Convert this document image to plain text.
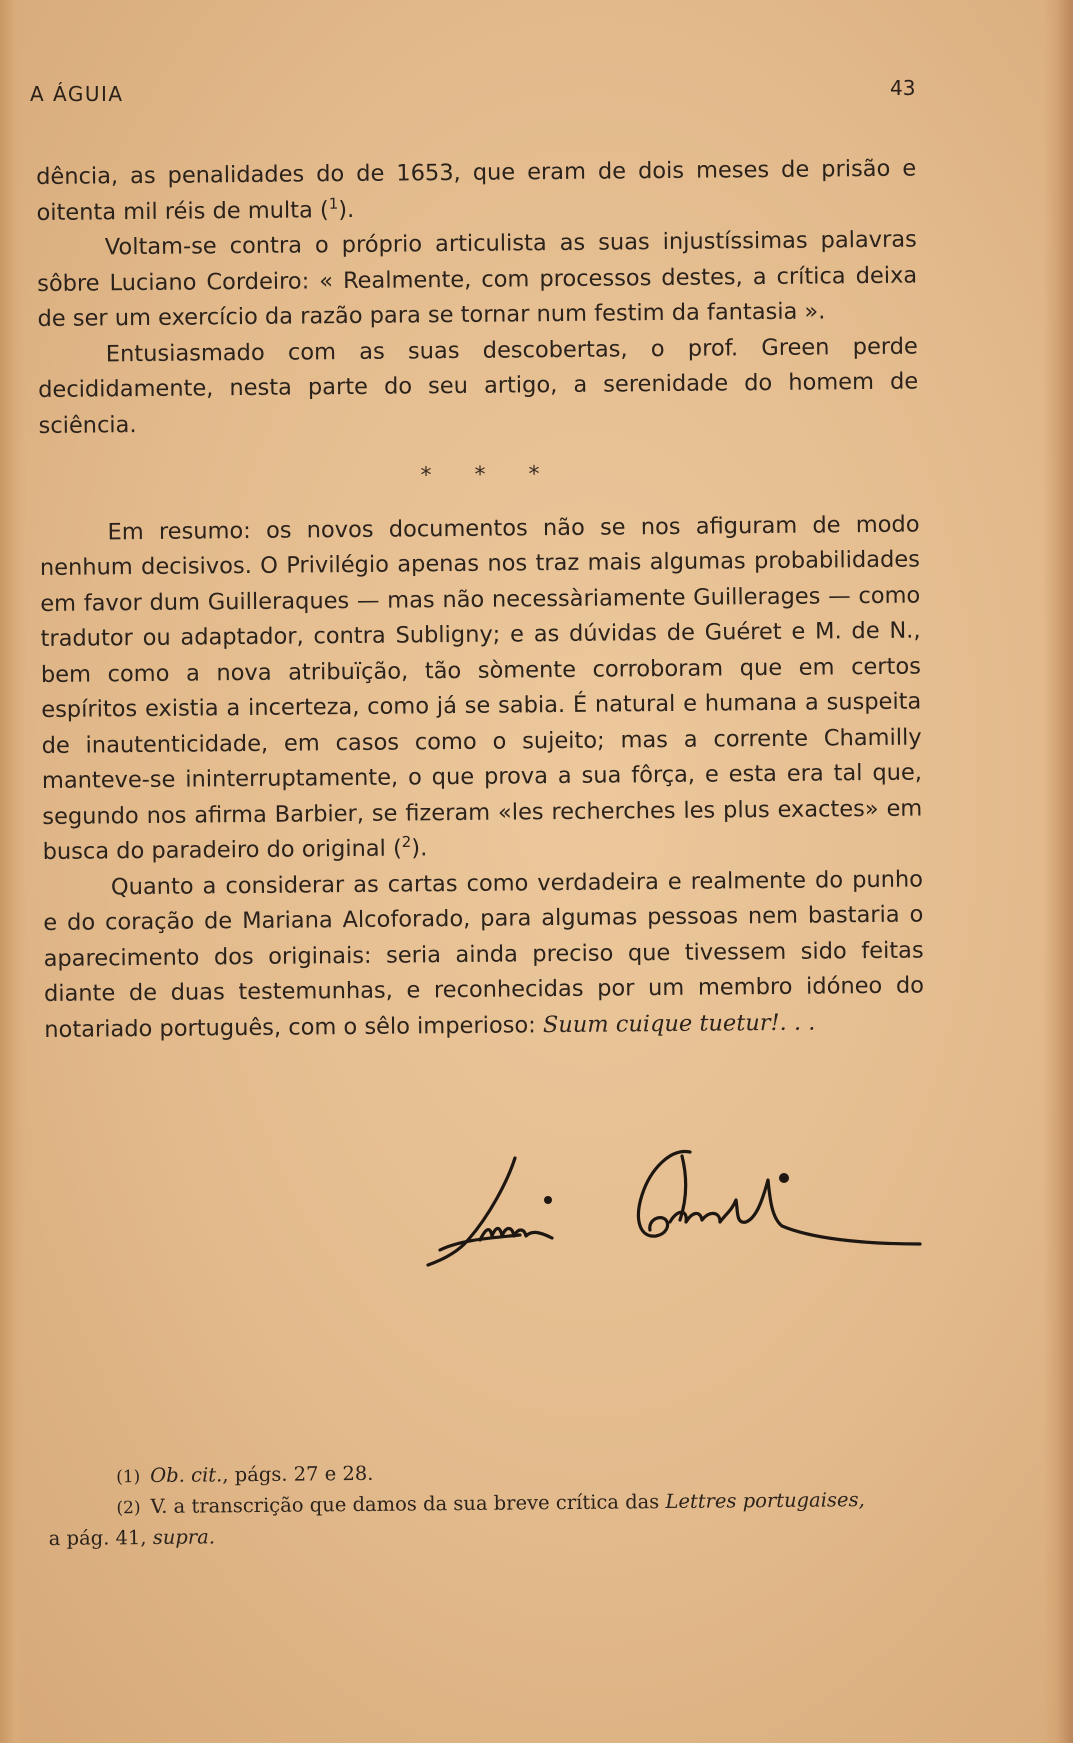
A ÁGUIA	43

dência, as penalidades do de 1653, que eram de dois meses de prisão e oitenta mil réis de multa ($^1$).

Voltam-se contra o próprio articulista as suas injustíssimas palavras sôbre Luciano Cordeiro: « Realmente, com processos destes, a crítica deixa de ser um exercício da razão para se tornar num festim da fantasia ».

Entusiasmado com as suas descobertas, o prof. Green perde decididamente, nesta parte do seu artigo, a serenidade do homem de sciência.

* * *

Em resumo: os novos documentos não se nos afiguram de modo nenhum decisivos. O Privilégio apenas nos traz mais algumas probabilidades em favor dum Guilleraques — mas não necessàriamente Guillerages — como tradutor ou adaptador, contra Subligny; e as dúvidas de Guéret e M. de N., bem como a nova atribuïção, tão sòmente corroboram que em certos espíritos existia a incerteza, como já se sabia. É natural e humana a suspeita de inautenticidade, em casos como o sujeito; mas a corrente Chamilly manteve-se ininterruptamente, o que prova a sua fôrça, e esta era tal que, segundo nos afirma Barbier, se fizeram «les recherches les plus exactes» em busca do paradeiro do original ($^2$).

Quanto a considerar as cartas como verdadeira e realmente do punho e do coração de Mariana Alcoforado, para algumas pessoas nem bastaria o aparecimento dos originais: seria ainda preciso que tivessem sido feitas diante de duas testemunhas, e reconhecidas por um membro idóneo do notariado português, com o sêlo imperioso: Suum cuique tuetur!. . .

(1) Ob. cit., págs. 27 e 28.

(2) V. a transcrição que damos da sua breve crítica das Lettres portugaises,

a pág. 41, supra.
